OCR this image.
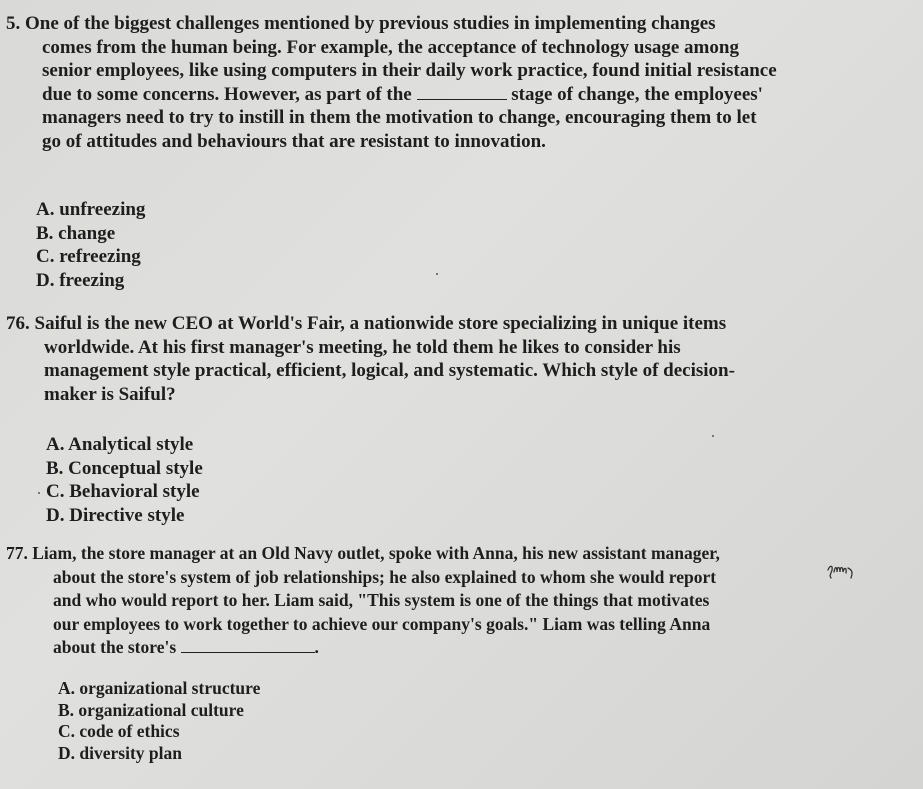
5. One of the biggest challenges mentioned by previous studies in implementing changes
comes from the human being. For example, the acceptance of technology usage among
senior employees, like using computers in their daily work practice, found initial resistance
due to some concerns. However, as part of the	stage of change, the employees'
managers need to try to instill in them the motivation to change, encouraging them to let
go of attitudes and behaviours that are resistant to innovation.
A. unfreezing
B. change
C. refreezing
D. freezing
76. Saiful is the new CEO at World's Fair, a nationwide store specializing in unique items
worldwide. At his first manager's meeting, he told them he likes to consider his
management style practical, efficient, logical, and systematic. Which style of decision-
maker is Saiful?
A. Analytical style
B. Conceptual style
C. Behavioral style
D. Directive style
77. Liam, the store manager at an Old Navy outlet, spoke with Anna, his new assistant manager,
about the store's system of job relationships; he also explained to whom she would report
and who would report to her. Liam said, "This system is one of the things that motivates
our employees to work together to achieve our company's goals." Liam was telling Anna
about the store's	.
A. organizational structure
B. organizational culture
C. code of ethics
D. diversity plan
